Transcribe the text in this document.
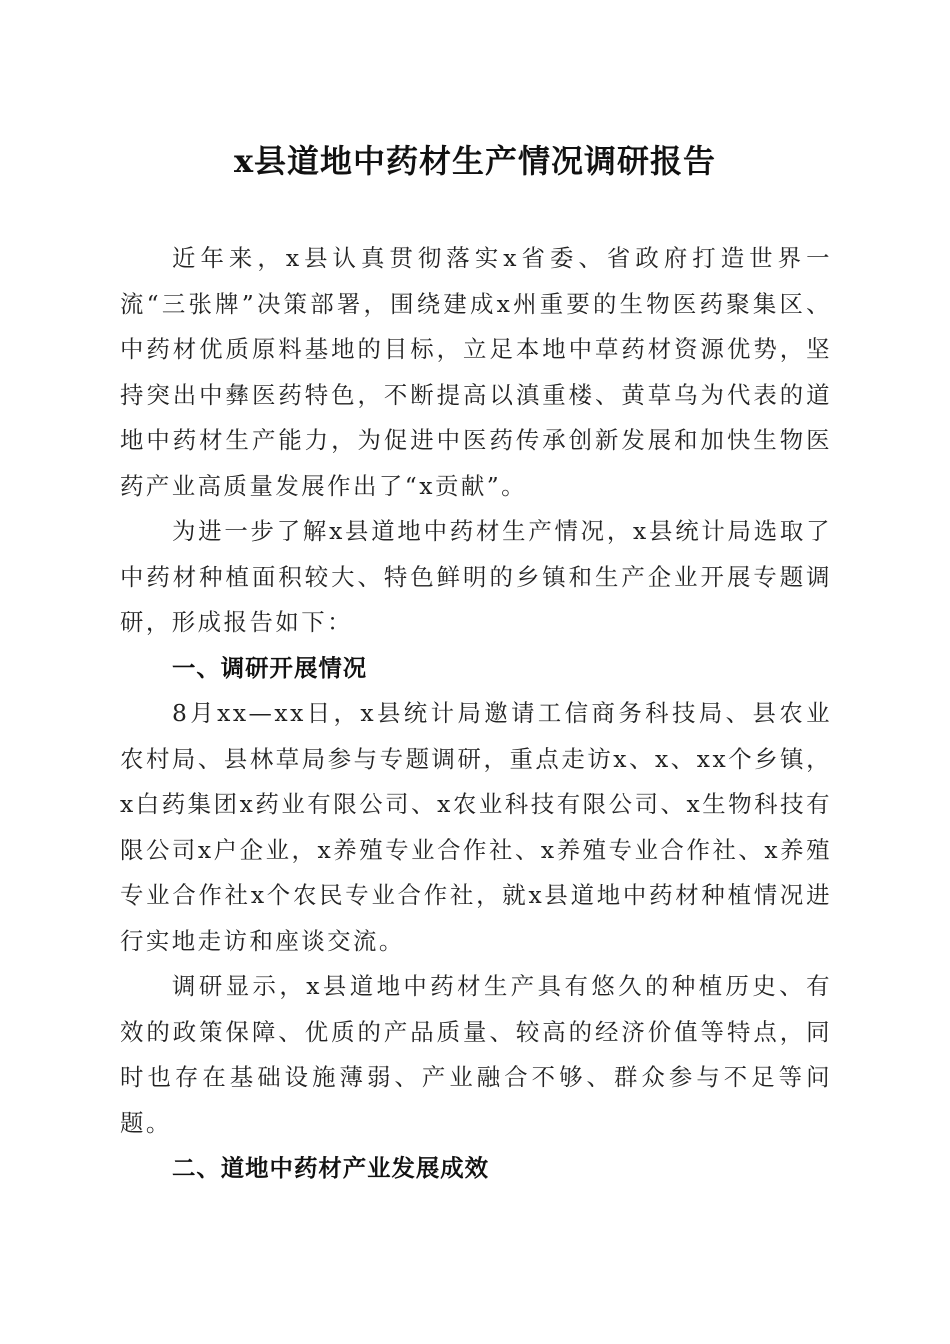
x县道地中药材生产情况调研报告

近年来，x县认真贯彻落实x省委、省政府打造世界一流“三张牌”决策部署，围绕建成x州重要的生物医药聚集区、中药材优质原料基地的目标，立足本地中草药材资源优势，坚持突出中彝医药特色，不断提高以滇重楼、黄草乌为代表的道地中药材生产能力，为促进中医药传承创新发展和加快生物医药产业高质量发展作出了“x贡献”。

为进一步了解x县道地中药材生产情况，x县统计局选取了中药材种植面积较大、特色鲜明的乡镇和生产企业开展专题调研，形成报告如下：

一、调研开展情况

8月xx—xx日，x县统计局邀请工信商务科技局、县农业农村局、县林草局参与专题调研，重点走访x、x、xx个乡镇，x白药集团x药业有限公司、x农业科技有限公司、x生物科技有限公司x户企业，x养殖专业合作社、x养殖专业合作社、x养殖专业合作社x个农民专业合作社，就x县道地中药材种植情况进行实地走访和座谈交流。

调研显示，x县道地中药材生产具有悠久的种植历史、有效的政策保障、优质的产品质量、较高的经济价值等特点，同时也存在基础设施薄弱、产业融合不够、群众参与不足等问题。

二、道地中药材产业发展成效
